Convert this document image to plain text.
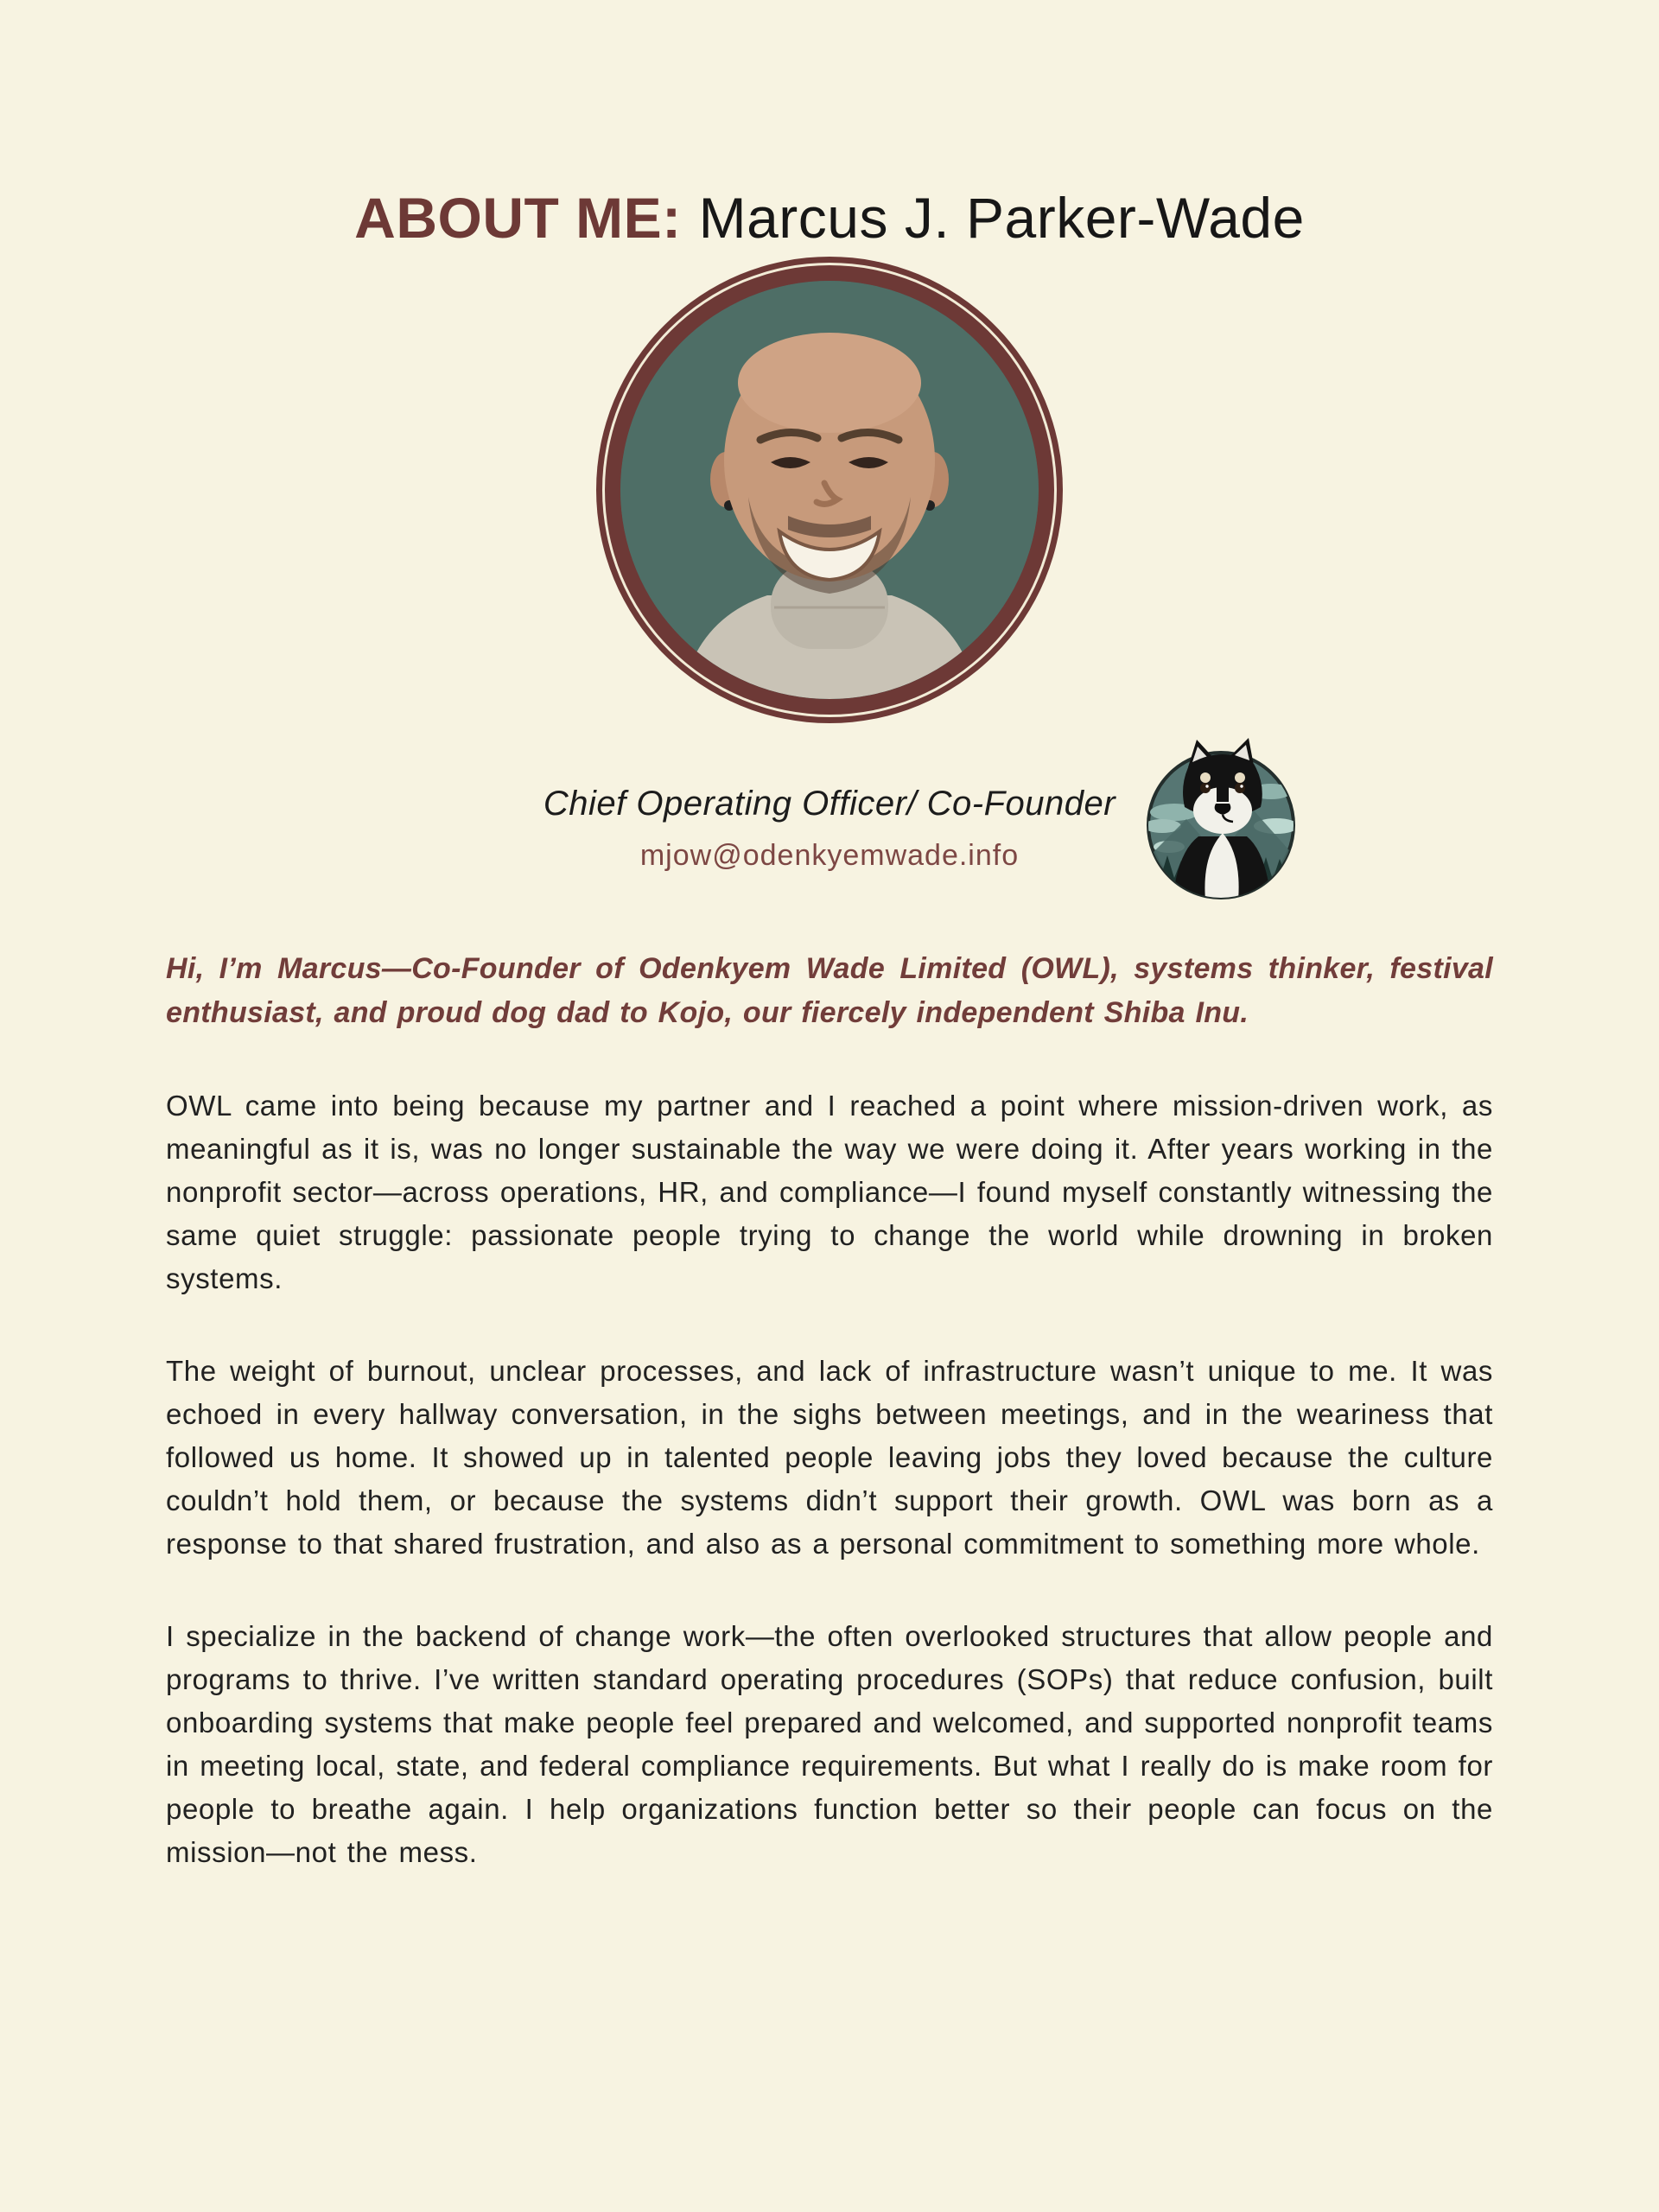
ABOUT ME: Marcus J. Parker-Wade
Chief Operating Officer/ Co-Founder
mjow@odenkyemwade.info

Hi, I’m Marcus—Co-Founder of Odenkyem Wade Limited (OWL), systems thinker, festival enthusiast, and proud dog dad to Kojo, our fiercely independent Shiba Inu.

OWL came into being because my partner and I reached a point where mission-driven work, as meaningful as it is, was no longer sustainable the way we were doing it. After years working in the nonprofit sector—across operations, HR, and compliance—I found myself constantly witnessing the same quiet struggle: passionate people trying to change the world while drowning in broken systems.

The weight of burnout, unclear processes, and lack of infrastructure wasn’t unique to me. It was echoed in every hallway conversation, in the sighs between meetings, and in the weariness that followed us home. It showed up in talented people leaving jobs they loved because the culture couldn’t hold them, or because the systems didn’t support their growth. OWL was born as a response to that shared frustration, and also as a personal commitment to something more whole.

I specialize in the backend of change work—the often overlooked structures that allow people and programs to thrive. I’ve written standard operating procedures (SOPs) that reduce confusion, built onboarding systems that make people feel prepared and welcomed, and supported nonprofit teams in meeting local, state, and federal compliance requirements. But what I really do is make room for people to breathe again. I help organizations function better so their people can focus on the mission—not the mess.
